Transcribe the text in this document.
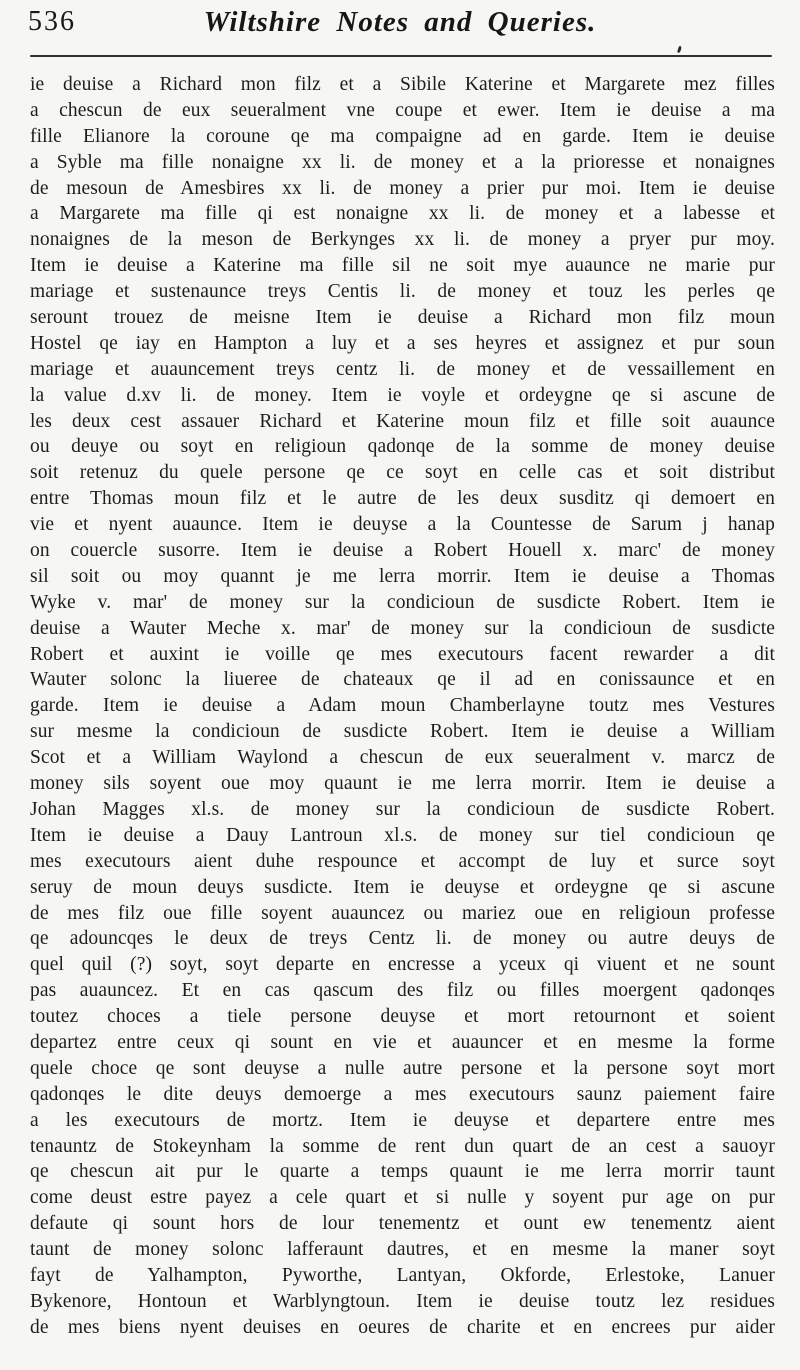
536	Wiltshire Notes and Queries.
ie deuise a Richard mon filz et a Sibile Katerine et Margarete mez filles
a chescun de eux seueralment vne coupe et ewer. Item ie deuise a ma
fille Elianore la coroune qe ma compaigne ad en garde. Item ie deuise
a Syble ma fille nonaigne xx li. de money et a la prioresse et nonaignes
de mesoun de Amesbires xx li. de money a prier pur moi. Item ie deuise
a Margarete ma fille qi est nonaigne xx li. de money et a labesse et
nonaignes de la meson de Berkynges xx li. de money a pryer pur moy.
Item ie deuise a Katerine ma fille sil ne soit mye auaunce ne marie pur
mariage et sustenaunce treys Centis li. de money et touz les perles qe
serount trouez de meisne Item ie deuise a Richard mon filz moun
Hostel qe iay en Hampton a luy et a ses heyres et assignez et pur soun
mariage et auauncement treys centz li. de money et de vessaillement en
la value d.xv li. de money. Item ie voyle et ordeygne qe si ascune de
les deux cest assauer Richard et Katerine moun filz et fille soit auaunce
ou deuye ou soyt en religioun qadonqe de la somme de money deuise
soit retenuz du quele persone qe ce soyt en celle cas et soit distribut
entre Thomas moun filz et le autre de les deux susditz qi demoert en
vie et nyent auaunce. Item ie deuyse a la Countesse de Sarum j hanap
on couercle susorre. Item ie deuise a Robert Houell x. marc' de money
sil soit ou moy quannt je me lerra morrir. Item ie deuise a Thomas
Wyke v. mar' de money sur la condicioun de susdicte Robert. Item ie
deuise a Wauter Meche x. mar' de money sur la condicioun de susdicte
Robert et auxint ie voille qe mes executours facent rewarder a dit
Wauter solonc la liueree de chateaux qe il ad en conissaunce et en
garde. Item ie deuise a Adam moun Chamberlayne toutz mes Vestures
sur mesme la condicioun de susdicte Robert. Item ie deuise a William
Scot et a William Waylond a chescun de eux seueralment v. marcz de
money sils soyent oue moy quaunt ie me lerra morrir. Item ie deuise a
Johan Magges xl.s. de money sur la condicioun de susdicte Robert.
Item ie deuise a Dauy Lantroun xl.s. de money sur tiel condicioun qe
mes executours aient duhe respounce et accompt de luy et surce soyt
seruy de moun deuys susdicte. Item ie deuyse et ordeygne qe si ascune
de mes filz oue fille soyent auauncez ou mariez oue en religioun professe
qe adouncqes le deux de treys Centz li. de money ou autre deuys de
quel quil (?) soyt, soyt departe en encresse a yceux qi viuent et ne sount
pas auauncez. Et en cas qascum des filz ou filles moergent qadonqes
toutez choces a tiele persone deuyse et mort retournont et soient
departez entre ceux qi sount en vie et auauncer et en mesme la forme
quele choce qe sont deuyse a nulle autre persone et la persone soyt mort
qadonqes le dite deuys demoerge a mes executours saunz paiement faire
a les executours de mortz. Item ie deuyse et departere entre mes
tenauntz de Stokeynham la somme de rent dun quart de an cest a sauoyr
qe chescun ait pur le quarte a temps quaunt ie me lerra morrir taunt
come deust estre payez a cele quart et si nulle y soyent pur age on pur
defaute qi sount hors de lour tenementz et ount ew tenementz aient
taunt de money solonc lafferaunt dautres, et en mesme la maner soyt
fayt de Yalhampton, Pyworthe, Lantyan, Okforde, Erlestoke, Lanuer
Bykenore, Hontoun et Warblyngtoun. Item ie deuise toutz lez residues
de mes biens nyent deuises en oeures de charite et en encrees pur aider
